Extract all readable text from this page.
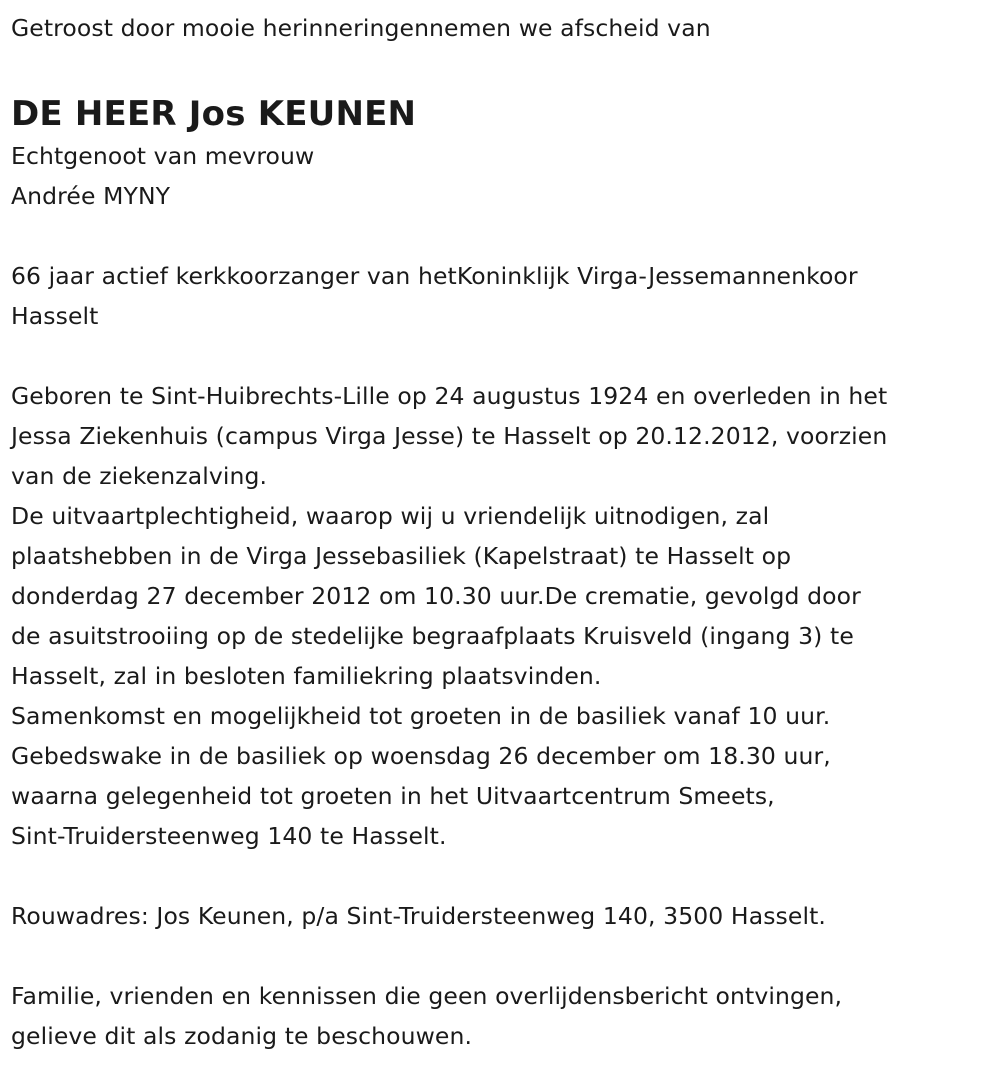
Getroost door mooie herinneringennemen we afscheid van
DE HEER Jos KEUNEN
Echtgenoot van mevrouw
Andrée MYNY
66 jaar actief kerkkoorzanger van hetKoninklijk Virga-Jessemannenkoor
Hasselt
Geboren te Sint-Huibrechts-Lille op 24 augustus 1924 en overleden in het
Jessa Ziekenhuis (campus Virga Jesse) te Hasselt op 20.12.2012, voorzien
van de ziekenzalving.
De uitvaartplechtigheid, waarop wij u vriendelijk uitnodigen, zal
plaatshebben in de Virga Jessebasiliek (Kapelstraat) te Hasselt op
donderdag 27 december 2012 om 10.30 uur.De crematie, gevolgd door
de asuitstrooiing op de stedelijke begraafplaats Kruisveld (ingang 3) te
Hasselt, zal in besloten familiekring plaatsvinden.
Samenkomst en mogelijkheid tot groeten in de basiliek vanaf 10 uur.
Gebedswake in de basiliek op woensdag 26 december om 18.30 uur,
waarna gelegenheid tot groeten in het Uitvaartcentrum Smeets,
Sint-Truidersteenweg 140 te Hasselt.
Rouwadres: Jos Keunen, p/a Sint-Truidersteenweg 140, 3500 Hasselt.
Familie, vrienden en kennissen die geen overlijdensbericht ontvingen,
gelieve dit als zodanig te beschouwen.
